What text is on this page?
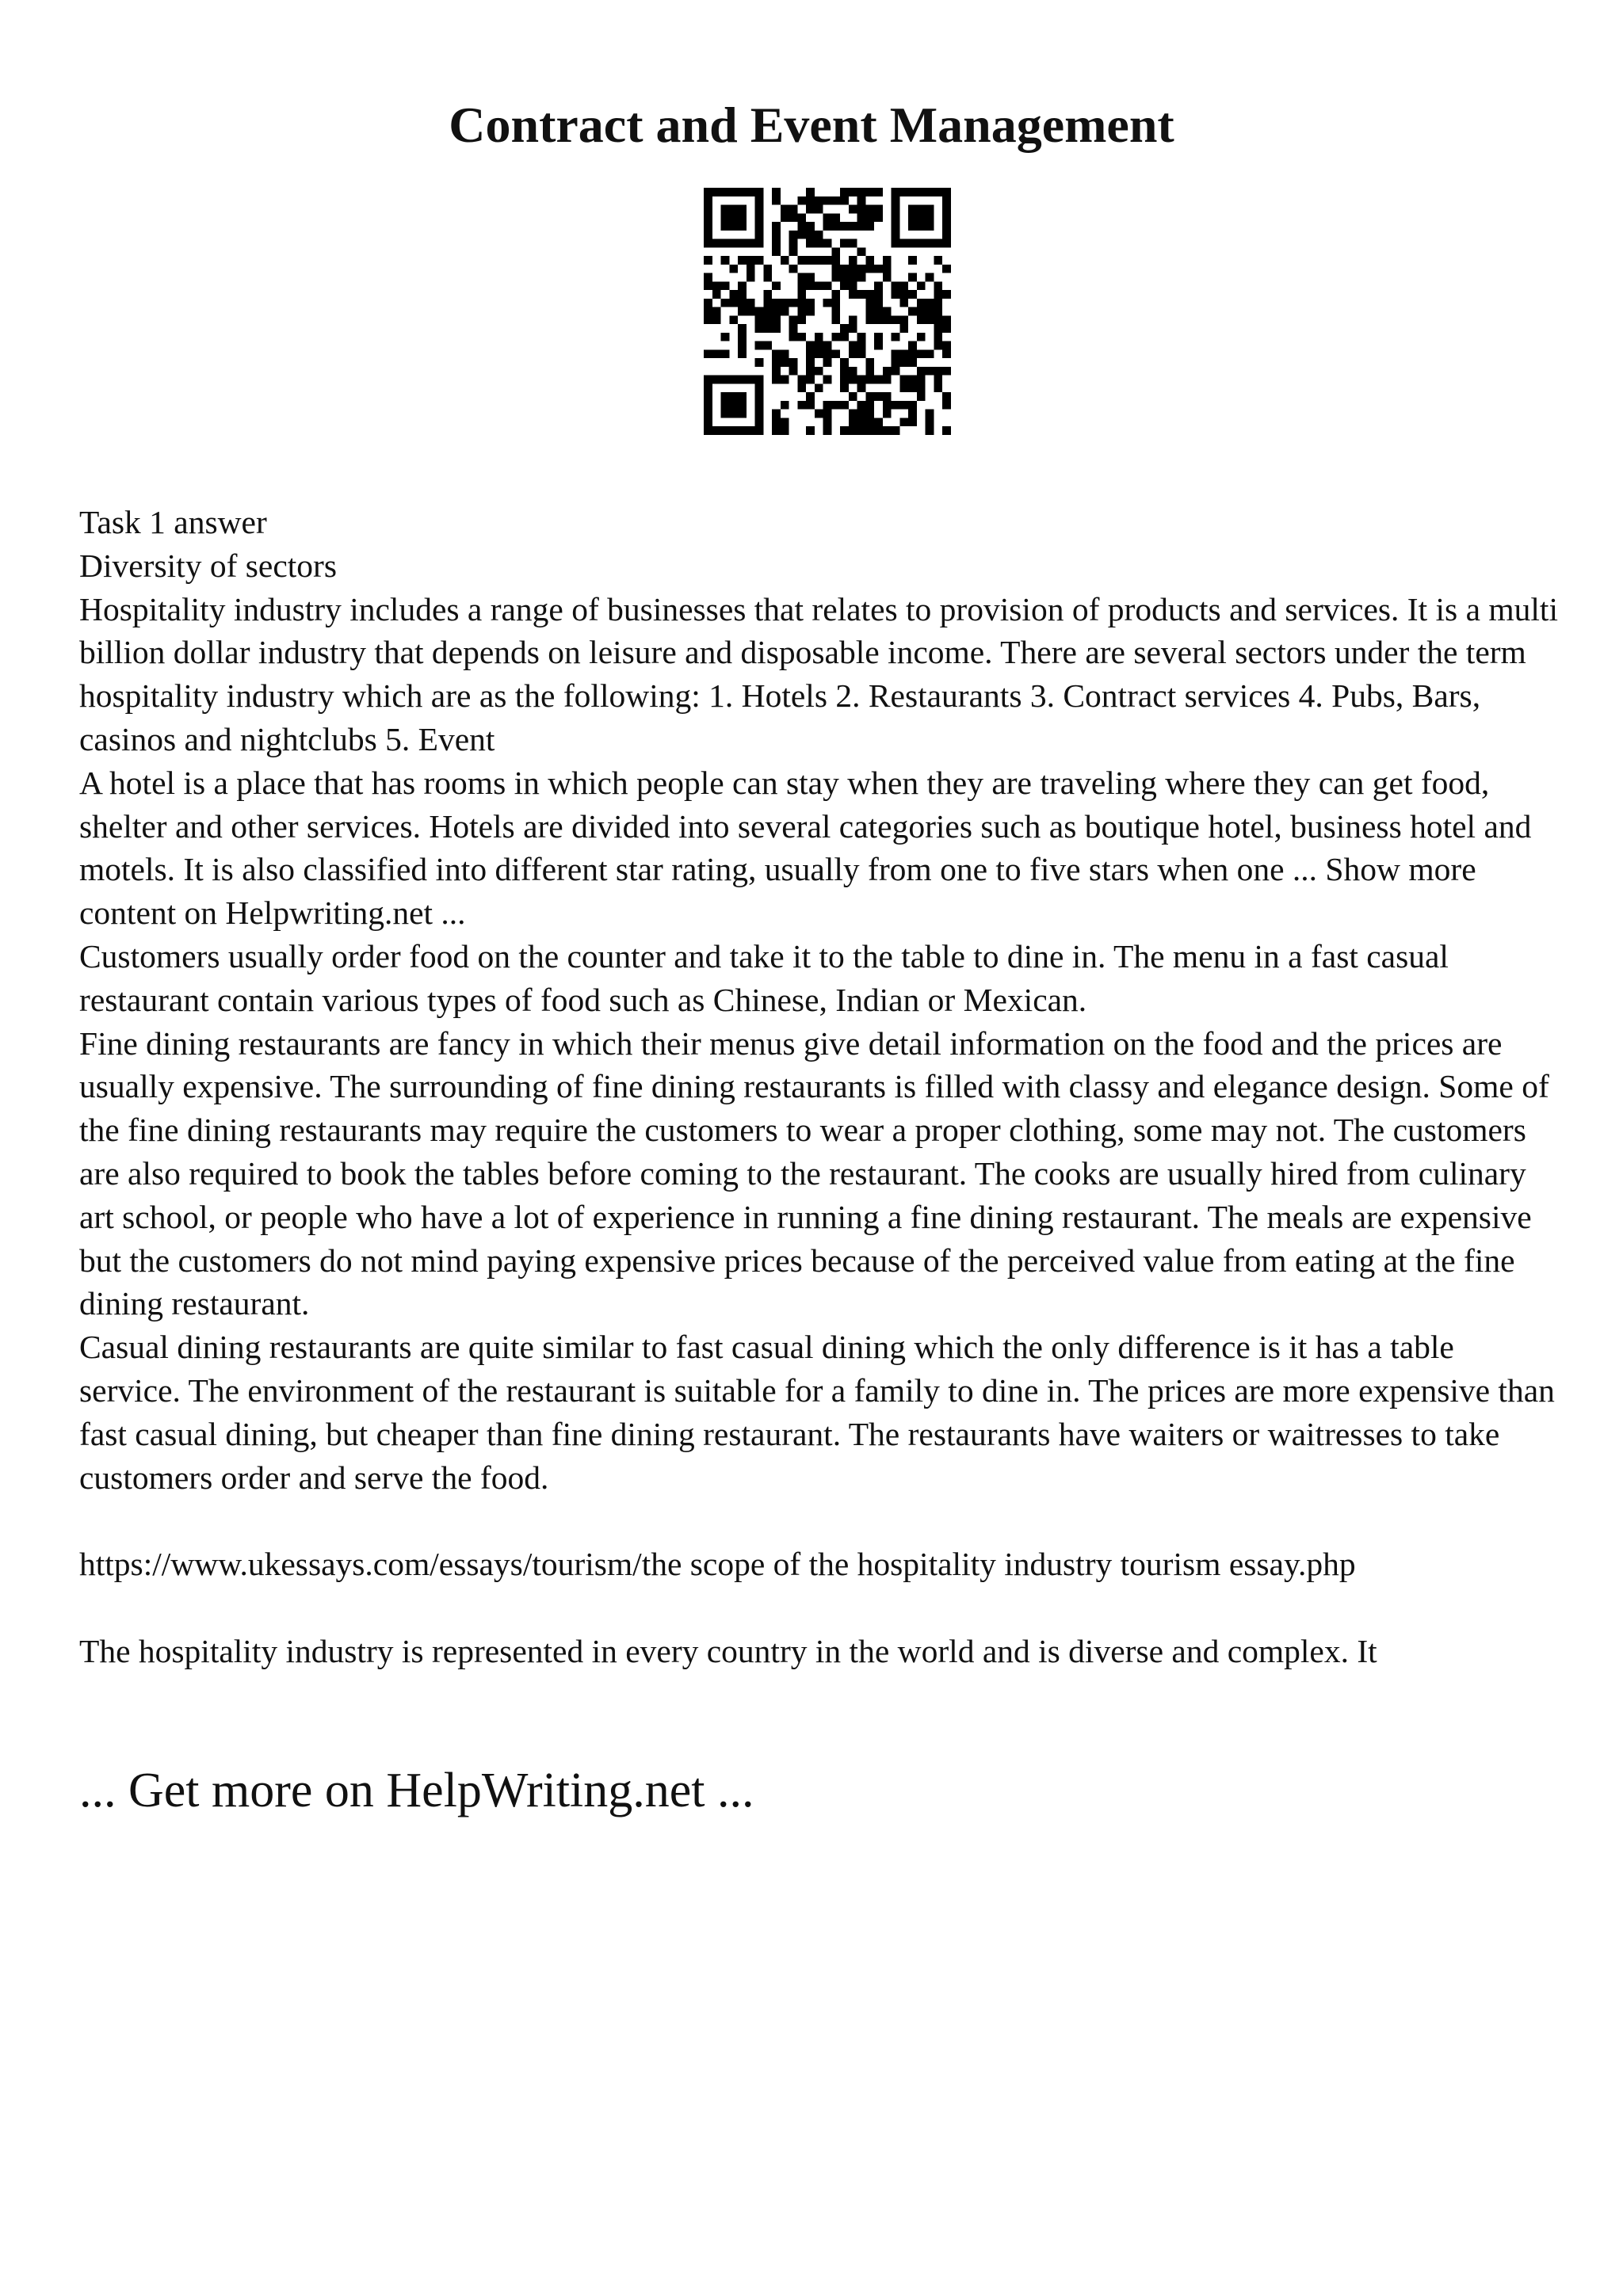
Contract and Event Management

Task 1 answer

Diversity of sectors

Hospitality industry includes a range of businesses that relates to provision of products and services. It is a multi billion dollar industry that depends on leisure and disposable income. There are several sectors under the term hospitality industry which are as the following: 1. Hotels 2. Restaurants 3. Contract services 4. Pubs, Bars, casinos and nightclubs 5. Event

A hotel is a place that has rooms in which people can stay when they are traveling where they can get food, shelter and other services. Hotels are divided into several categories such as boutique hotel, business hotel and motels. It is also classified into different star rating, usually from one to five stars when one ... Show more content on Helpwriting.net ...

Customers usually order food on the counter and take it to the table to dine in. The menu in a fast casual restaurant contain various types of food such as Chinese, Indian or Mexican.

Fine dining restaurants are fancy in which their menus give detail information on the food and the prices are usually expensive. The surrounding of fine dining restaurants is filled with classy and elegance design. Some of the fine dining restaurants may require the customers to wear a proper clothing, some may not. The customers are also required to book the tables before coming to the restaurant. The cooks are usually hired from culinary art school, or people who have a lot of experience in running a fine dining restaurant. The meals are expensive but the customers do not mind paying expensive prices because of the perceived value from eating at the fine dining restaurant.

Casual dining restaurants are quite similar to fast casual dining which the only difference is it has a table service. The environment of the restaurant is suitable for a family to dine in. The prices are more expensive than fast casual dining, but cheaper than fine dining restaurant. The restaurants have waiters or waitresses to take customers order and serve the food.

https://www.ukessays.com/essays/tourism/the scope of the hospitality industry tourism essay.php

The hospitality industry is represented in every country in the world and is diverse and complex. It

... Get more on HelpWriting.net ...
